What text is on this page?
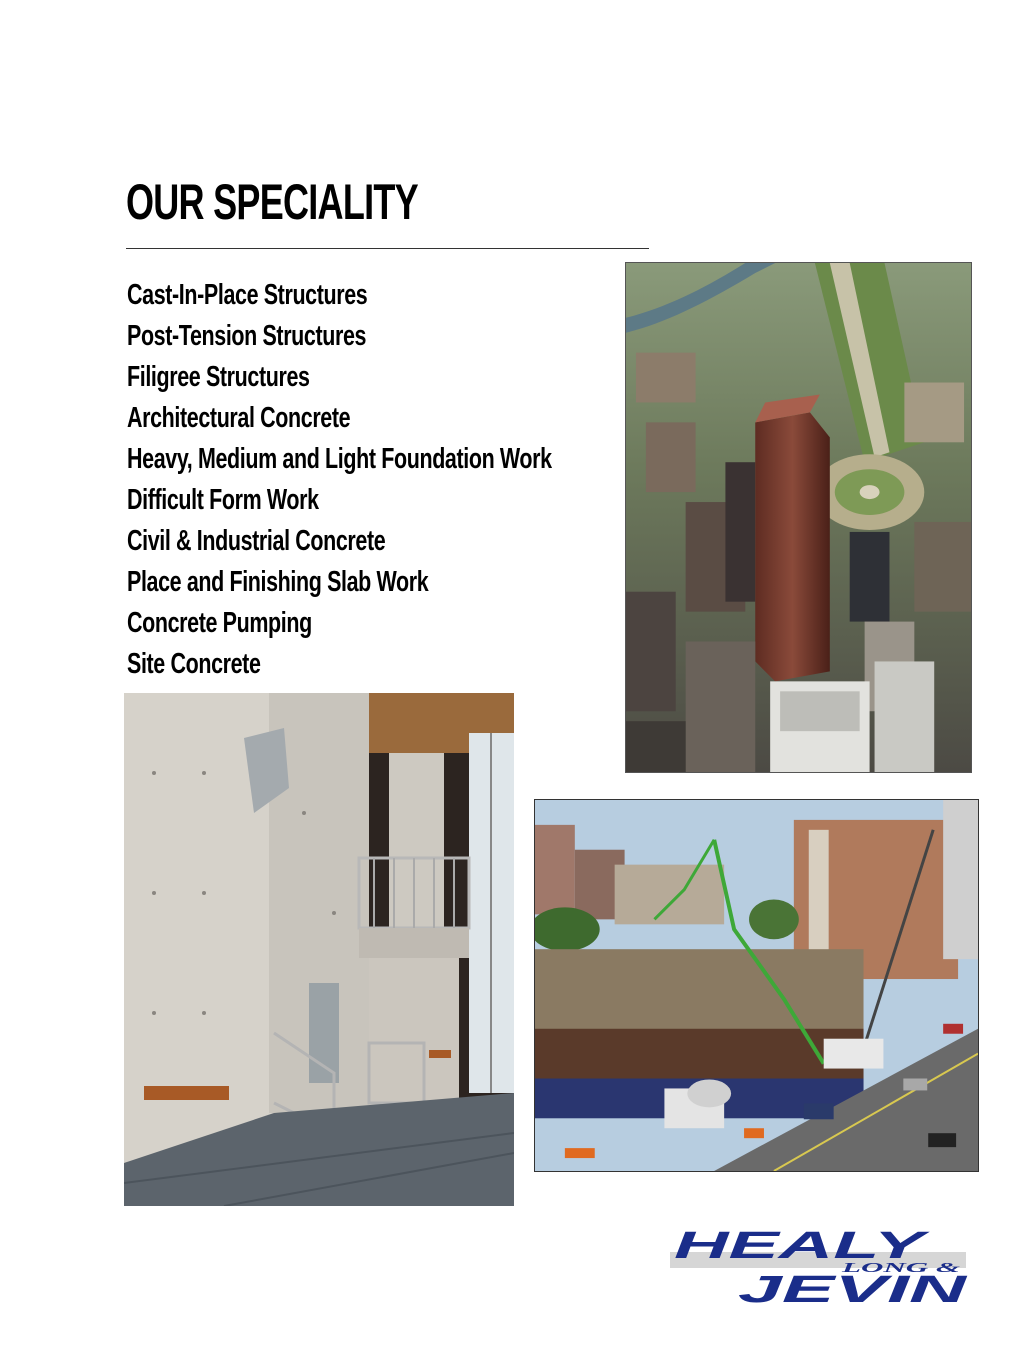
OUR SPECIALITY
Cast-In-Place Structures
Post-Tension Structures
Filigree Structures
Architectural Concrete
Heavy, Medium and Light Foundation Work
Difficult Form Work
Civil & Industrial Concrete
Place and Finishing Slab Work
Concrete Pumping
Site Concrete
HEALY
LONG &
JEVIN
